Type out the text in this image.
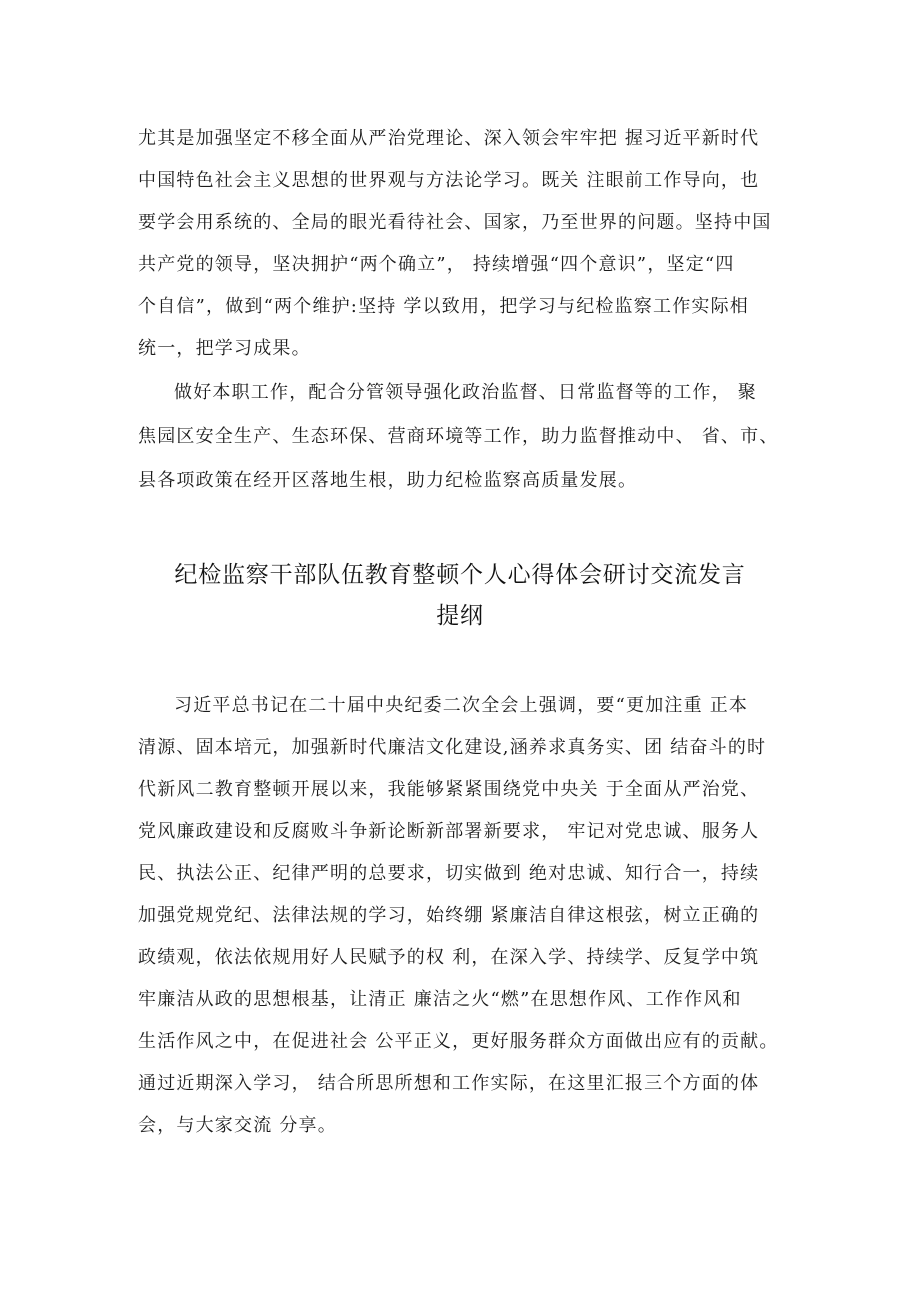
尤其是加强坚定不移全面从严治党理论、深入领会牢牢把 握习近平新时代
中国特色社会主义思想的世界观与方法论学习。既关 注眼前工作导向，也
要学会用系统的、全局的眼光看待社会、国家，乃至世界的问题。坚持中国
共产党的领导，坚决拥护“两个确立”， 持续增强“四个意识”，坚定“四
个自信”，做到“两个维护:坚持 学以致用，把学习与纪检监察工作实际相
统一，把学习成果。
做好本职工作，配合分管领导强化政治监督、日常监督等的工作， 聚
焦园区安全生产、生态环保、营商环境等工作，助力监督推动中、 省、市、
县各项政策在经开区落地生根，助力纪检监察高质量发展。
纪检监察干部队伍教育整顿个人心得体会研讨交流发言
提纲
习近平总书记在二十届中央纪委二次全会上强调，要“更加注重 正本
清源、固本培元，加强新时代廉洁文化建设,涵养求真务实、团 结奋斗的时
代新风二教育整顿开展以来，我能够紧紧围绕党中央关 于全面从严治党、
党风廉政建设和反腐败斗争新论断新部署新要求， 牢记对党忠诚、服务人
民、执法公正、纪律严明的总要求，切实做到 绝对忠诚、知行合一，持续
加强党规党纪、法律法规的学习，始终绷 紧廉洁自律这根弦，树立正确的
政绩观，依法依规用好人民赋予的权 利，在深入学、持续学、反复学中筑
牢廉洁从政的思想根基，让清正 廉洁之火“燃”在思想作风、工作作风和
生活作风之中，在促进社会 公平正义，更好服务群众方面做出应有的贡献。
通过近期深入学习， 结合所思所想和工作实际，在这里汇报三个方面的体
会，与大家交流 分享。
